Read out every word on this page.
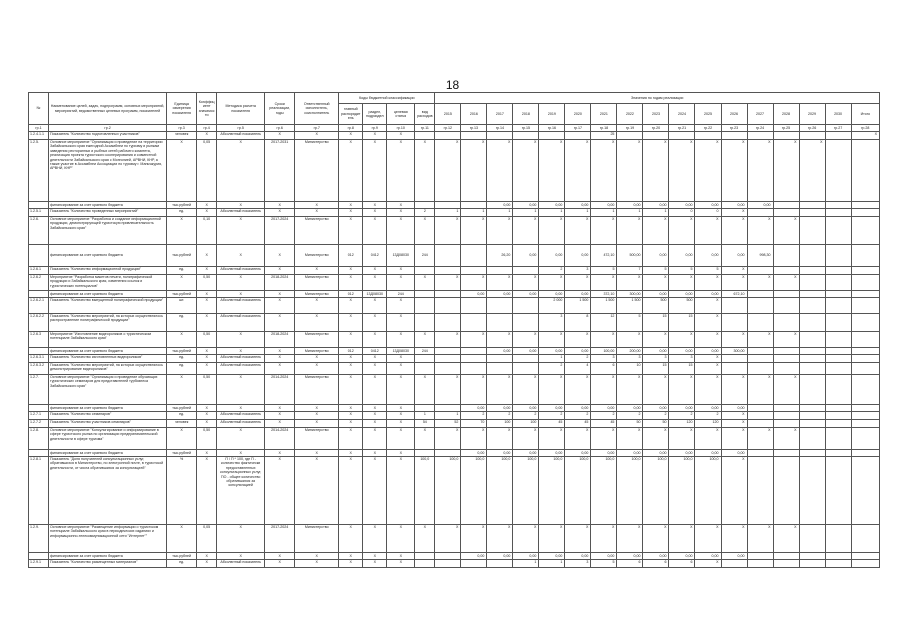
18
№	Наименование целей, задач, подпрограмм, основных мероприятий, мероприятий, ведомственных целевых программ, показателей	Единица измерения показателя	Коэффициент значимости	Методика расчета показателя	Сроки реализации, годы	Ответственный исполнитель, соисполнитель	Коды бюджетной классификации				Значения по годам реализации																
							главный распорядитель	раздел, подраздел	целевая статья	вид расходов	2015	2016	2017	2018	2019	2020	2021	2022	2023	2024	2025	2026	2027	2028	2029	2030	Итого
гр.1	гр.2	гр.3	гр.4	гр.5	гр.6	гр.7	гр.8	гр.9	гр.10	гр.11	гр.12	гр.13	гр.14	гр.15	гр.16	гр.17	гр.18	гр.19	гр.20	гр.21	гр.22	гр.23	гр.24	гр.25	гр.26	гр.27	гр.28
1.2.4.1.1	Показатель "Количество подготовленных участников"	человек	Х	Абсолютный показатель	Х	Х	Х	Х	Х								25										Х
1.2.5.	Основное мероприятие "Организация и проведение на территории Забайкальского края ежегодной Ассамблеи по туризму и рынкам заведения ресторанных и рыбных сетей рабочего комитета, реализация проекта туристского кооперирования и совместной деятельности Забайкальского края с Монголией, АРВНИ, КНР, а также участие в Ассамблеи Ассоциации по туризму г. Маньчжурия, АРВНИ, КНР"	Х	0,05	Х	2017-2031	Министерство	Х	Х	Х	Х	Х	Х	Х	Х	Х	Х	Х	Х	Х	Х	Х	Х	Х	Х	Х		
	финансирование за счет краевого бюджета	тыс.рублей	Х	Х	Х	Х	Х	Х	Х				0,00	0,00	0,00	0,00	0,00	0,00	0,00	0,00	0,00	0,00	0,00				
1.2.5.1	Показатель "Количество проведенных мероприятий"	ед.	Х	Абсолютный показатель	Х	Х	Х	Х	Х	2	1	1	1	1	1	1	1	1	1	0	0	Х					
1.2.6.	Основное мероприятие "Разработка и создание информационной продукции, демонстрирующей туристскую привлекательность Забайкальского края"	Х	0,10	Х	2017-2024	Министерство	Х	Х	Х	Х	Х	Х	Х	Х	Х	Х	Х	Х	Х	Х	Х	Х	Х	Х			
	финансирование за счет краевого бюджета	тыс.рублей	Х	Х	Х	Министерство	012	0412	13Д08030	244			26,20	0,00	0,00	0,00	472,10	500,00	0,00	0,00	0,00	0,00	998,30				
1.2.6.1	Показатель "Количество информационной продукции"	ед.	Х	Абсолютный показатель	Х	Х	Х	Х	Х						2	3	5	7	5	5	5	Х					
1.2.6.2	Мероприятие "Разработка макетов печати, полиграфической продукции и Забайкальского края, изменения ссылок и туристических потенциалов"	Х	0,50	Х	2018-2024	Министерство	Х	Х	Х	Х	Х	Х	Х	Х	Х	Х	Х	Х	Х	Х	Х	Х	Х	Х			
	финансирование за счет краевого бюджета	тыс.рублей	Х	Х	Х	Министерство	012	13Д08030	244			0,00	0,00	0,00	0,00	0,00	372,10	300,00	0,00	0,00	0,00	672,10					
1.2.6.2.1	Показатель "Количество выпущенной полиграфической продукции"	шт.	Х	Абсолютный показатель	Х	Х	Х	Х	Х						2 000	1 500	1 500	1 500	500	500	Х						
1.2.6.2.2	Показатель "Количество мероприятий, на которых осуществлялось распространение полиграфической продукции"	ед.	Х	Абсолютный показатель	Х	Х	Х	Х	Х						3	8	12	5	15	15	Х						
1.2.6.3	Мероприятие "Изготовление видеороликов о туристическом потенциале Забайкальского края"	Х	0,50	Х	2018-2024	Министерство	Х	Х	Х	Х	Х	Х	Х	Х	Х	Х	Х	Х	Х	Х	Х	Х	Х	Х			
	финансирование за счет краевого бюджета	тыс.рублей	Х	Х	Х	Министерство	012	0412	13Д08030	244			0,00	0,00	0,00	0,00	100,00	200,00	0,00	0,00	0,00	300,00					
1.2.6.3.1	Показатель "Количество изготовленных видеороликов"	ед.	Х	Абсолютный показатель	Х	Х	Х	Х	Х						1	2	3	3	3	3	Х						
1.2.6.3.2	Показатель "Количество мероприятий, на которых осуществлялось демонстрирование видеороликов"	ед.	Х	Абсолютный показатель	Х	Х	Х	Х	Х						2	4	6	10	15	15	Х						
1.2.7.	Основное мероприятие "Организация и проведение обучающих туристических семинаров для представителей турбизнеса Забайкальского края"	Х	0,50	Х	2014-2024	Министерство	Х	Х	Х	Х	Х	Х	Х	Х	Х	Х	Х	Х	Х	Х	Х	Х	Х	Х			
	финансирование за счет краевого бюджета	тыс.рублей	Х	Х	Х	Х	Х	Х	Х			0,00	0,00	0,00	0,00	0,00	0,00	0,00	0,00	0,00	0,00	0,00					
1.2.7.1	Показатель "Количество семинаров"	ед.	Х	Абсолютный показатель	Х	Х	Х	Х	Х	1	1	2	2	2	2	2	2	2	2	2	2	Х					
1.2.7.2	Показатель "Количество участников семинаров"	человек	Х	Абсолютный показатель	Х	Х	Х	Х	Х	54	52	70	100	100	45	45	45	50	50	120	120	Х					
1.2.8.	Основное мероприятие "Консультирование и информирование в сфере туристского рынка по организации предпринимательской деятельности в сфере туризма"	Х	0,50	Х	2014-2024	Министерство	Х	Х	Х	Х	Х	Х	Х	Х	Х	Х	Х	Х	Х	Х	Х	Х	Х	Х			
	финансирование за счет краевого бюджета	тыс.рублей	Х	Х	Х	Х	Х	Х	Х			0,00	0,00	0,00	0,00	0,00	0,00	0,00	0,00	0,00	0,00	0,00					
1.2.8.1	Показатель "Доля получателей консультационных услуг, обратившихся в Министерство, по электронной почте, в туристской деятельности, от числа обратившихся за консультацией"	%	Х	П / П * 100, где П - количество фактически предоставленных консультационных услуг, ПО - общее количество обратившихся за консультацией	Х	Х	Х	Х	Х	100,0	100,0	100,0	100,0	100,0	100,0	100,0	100,0	100,0	100,0	100,0	100,0	Х					
1.2.9.	Основное мероприятие "Размещение информации о туристском потенциале Забайкальского края в периодических изданиях и информационно-телекоммуникационной сети "Интернет""	Х	0,05	Х	2017-2024	Министерство	Х	Х	Х	Х	Х	Х	Х	Х	Х	Х	Х	Х	Х	Х	Х	Х	Х	Х			
	финансирование за счет краевого бюджета	тыс.рублей	Х	Х	Х	Х	Х	Х	Х			0,00	0,00	0,00	0,00	0,00	0,00	0,00	0,00	0,00	0,00	0,00					
1.2.9.1	Показатель "Количество размещенных материалов"	ед.	Х	Абсолютный показатель	Х	Х	Х	Х	Х					1	1	3	5	6	6	6	Х						
